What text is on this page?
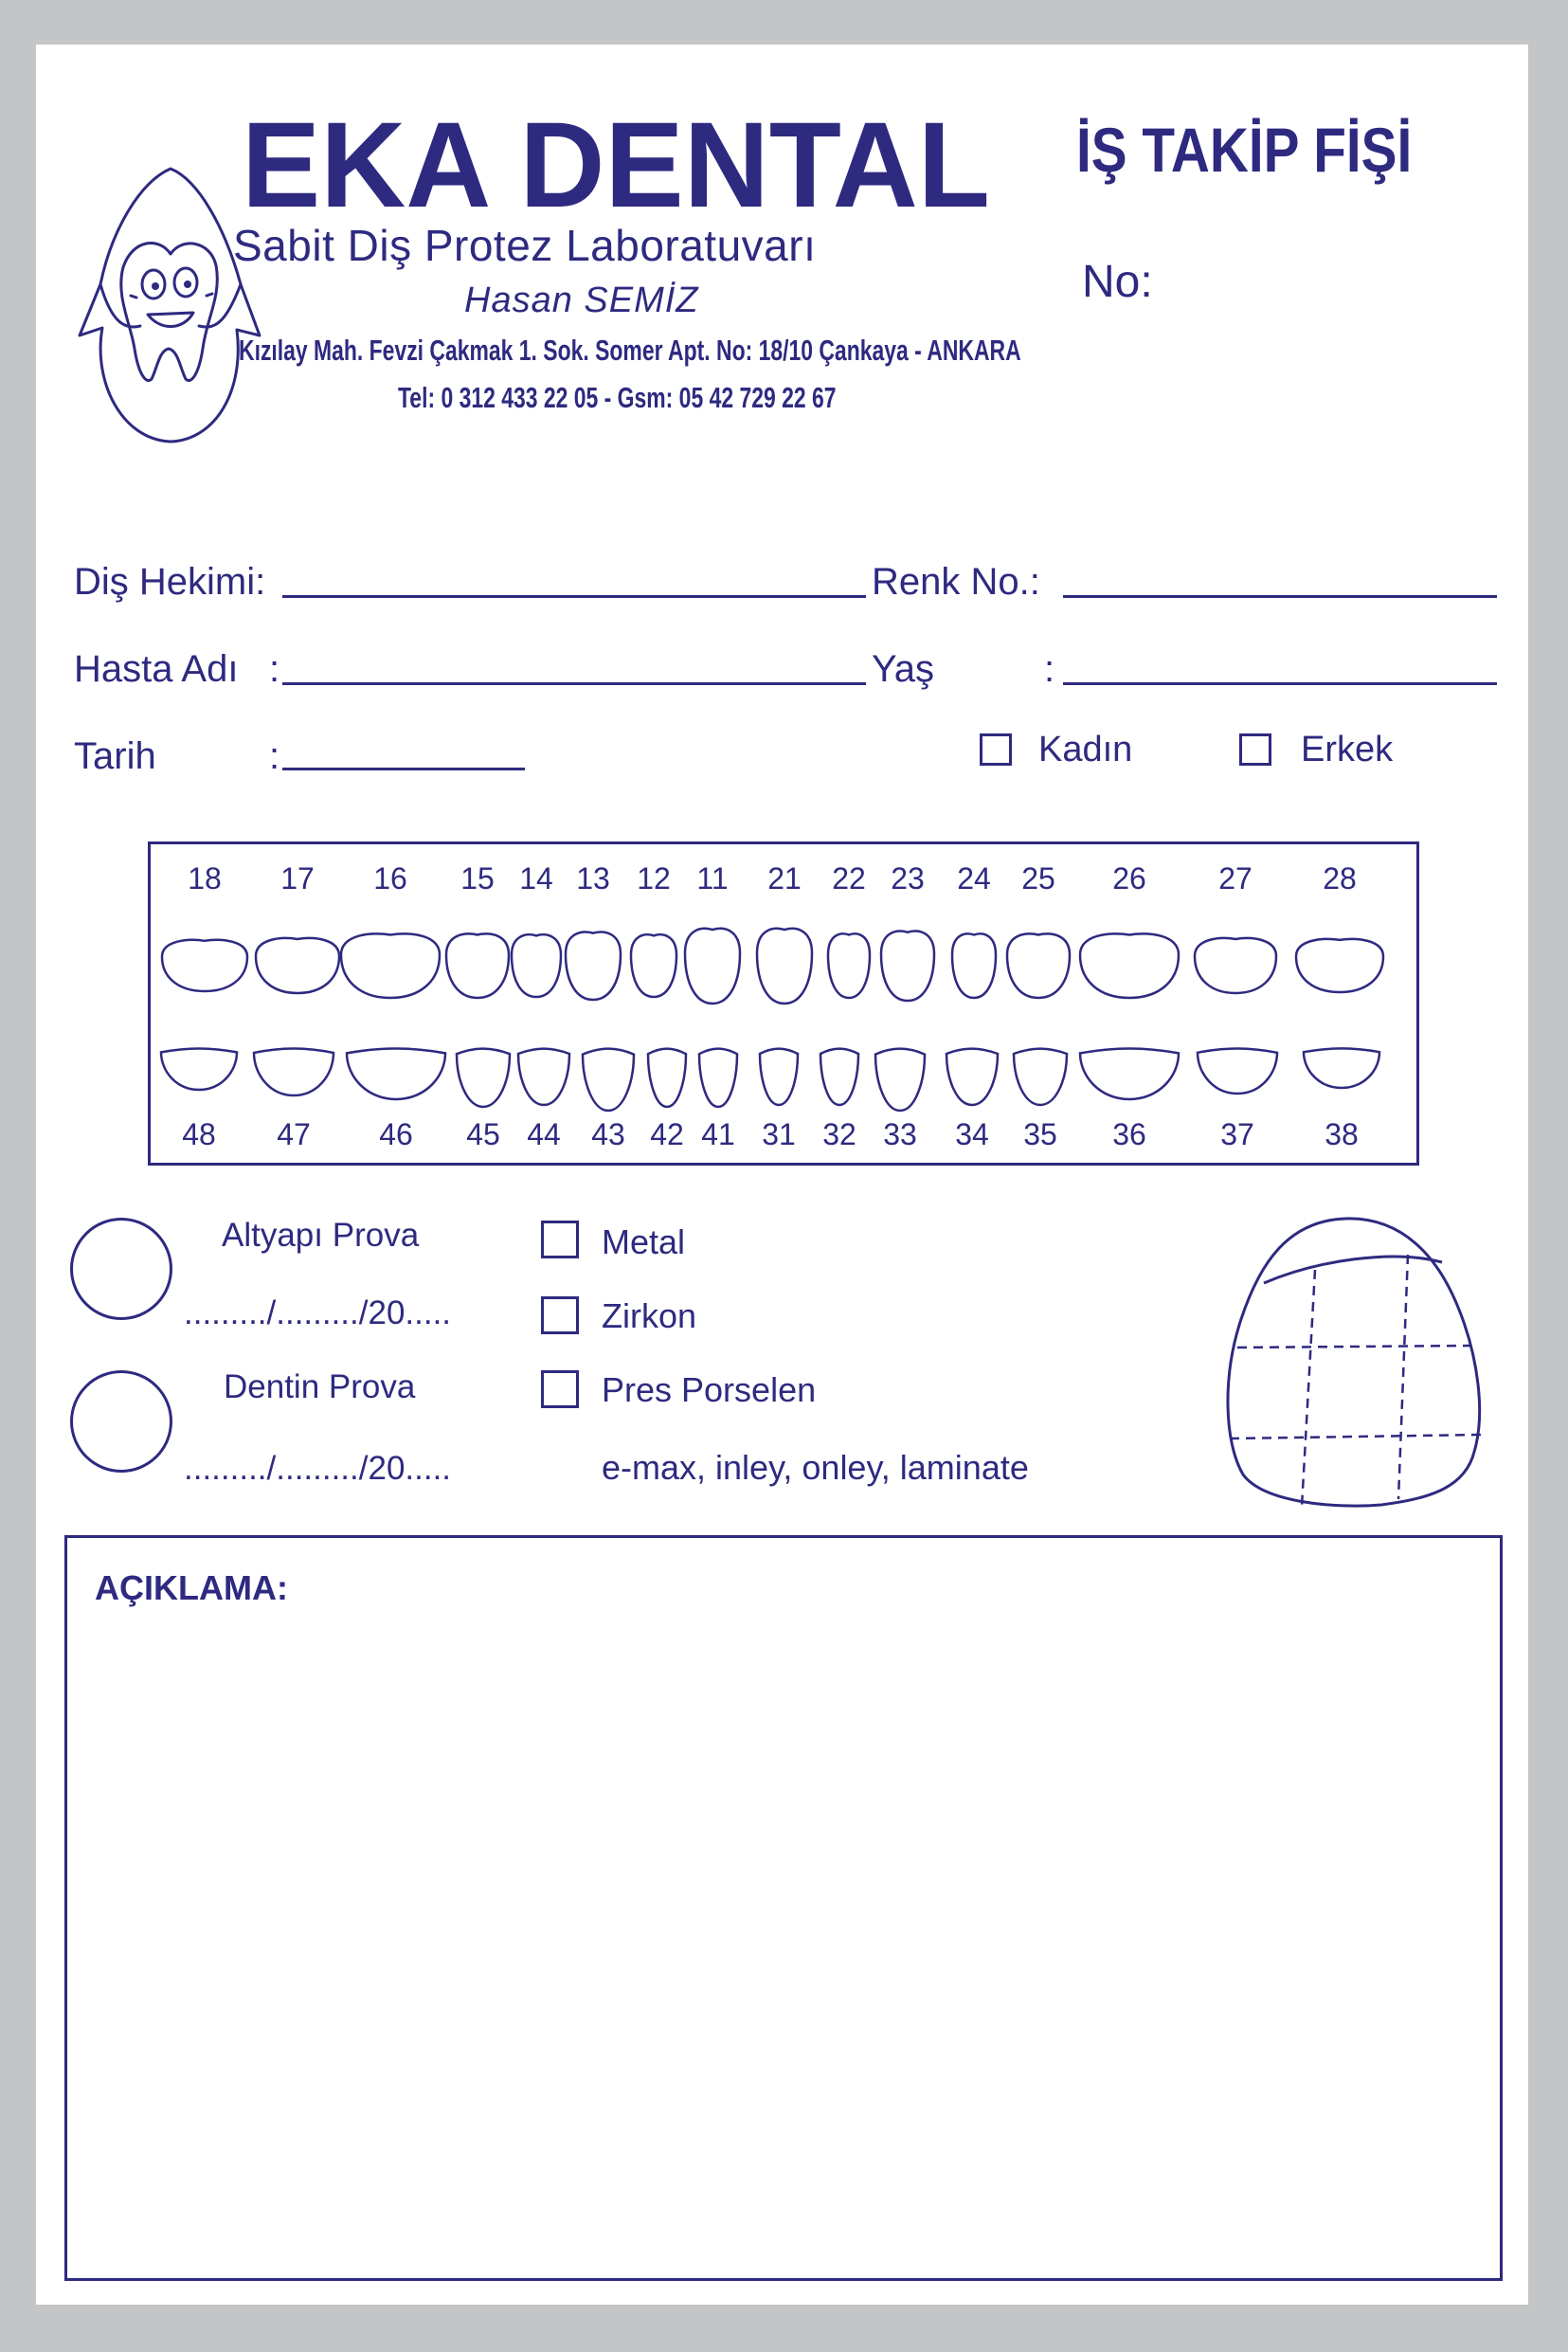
EKA DENTAL
Sabit Diş Protez Laboratuvarı
Hasan SEMİZ
Kızılay Mah. Fevzi Çakmak 1. Sok. Somer Apt. No: 18/10 Çankaya - ANKARA
Tel: 0 312 433 22 05 - Gsm: 05 42 729 22 67
İŞ TAKİP FİŞİ
No:
Diş Hekimi:	Renk No.:
Hasta Adı :	Yaş	:
Tarih	:	Kadın	Erkek
18 17 16 15 14 13 12 11 21 22 23 24 25 26 27 28
48 47 46 45 44 43 42 41 31 32 33 34 35 36 37 38
Altyapı Prova
........./........./20.....
Dentin Prova
........./........./20.....
Metal
Zirkon
Pres Porselen
e-max, inley, onley, laminate
AÇIKLAMA:
